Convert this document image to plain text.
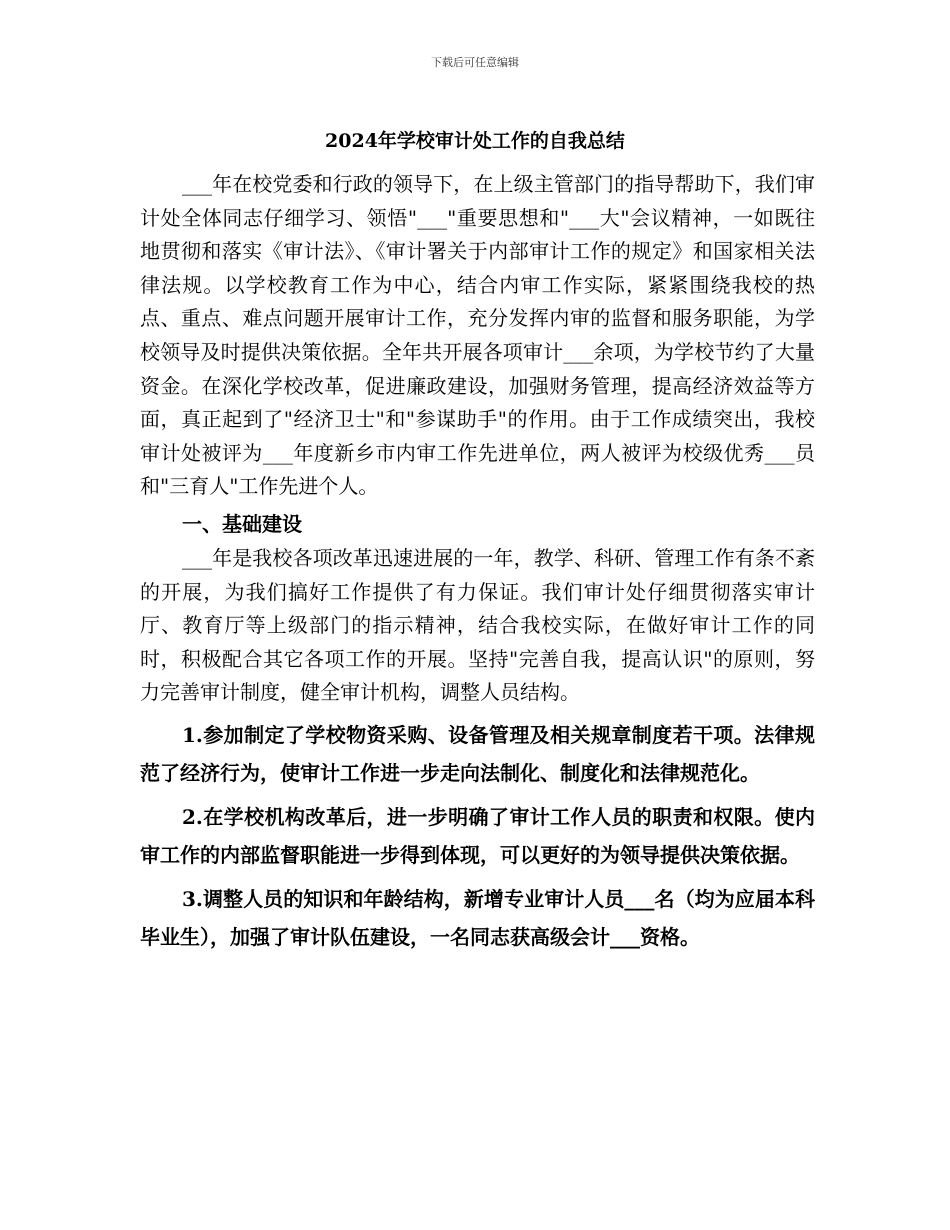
下载后可任意编辑
2024年学校审计处工作的自我总结

___年在校党委和行政的领导下，在上级主管部门的指导帮助下，我们审计处全体同志仔细学习、领悟"___"重要思想和"___大"会议精神，一如既往地贯彻和落实《审计法》、《审计署关于内部审计工作的规定》和国家相关法律法规。以学校教育工作为中心，结合内审工作实际，紧紧围绕我校的热点、重点、难点问题开展审计工作，充分发挥内审的监督和服务职能，为学校领导及时提供决策依据。全年共开展各项审计___余项，为学校节约了大量资金。在深化学校改革，促进廉政建设，加强财务管理，提高经济效益等方面，真正起到了"经济卫士"和"参谋助手"的作用。由于工作成绩突出，我校审计处被评为___年度新乡市内审工作先进单位，两人被评为校级优秀___员和"三育人"工作先进个人。

一、基础建设

___年是我校各项改革迅速进展的一年，教学、科研、管理工作有条不紊的开展，为我们搞好工作提供了有力保证。我们审计处仔细贯彻落实审计厅、教育厅等上级部门的指示精神，结合我校实际，在做好审计工作的同时，积极配合其它各项工作的开展。坚持"完善自我，提高认识"的原则，努力完善审计制度，健全审计机构，调整人员结构。

1.参加制定了学校物资采购、设备管理及相关规章制度若干项。法律规范了经济行为，使审计工作进一步走向法制化、制度化和法律规范化。

2.在学校机构改革后，进一步明确了审计工作人员的职责和权限。使内审工作的内部监督职能进一步得到体现，可以更好的为领导提供决策依据。

3.调整人员的知识和年龄结构，新增专业审计人员___名（均为应届本科毕业生），加强了审计队伍建设，一名同志获高级会计___资格。
